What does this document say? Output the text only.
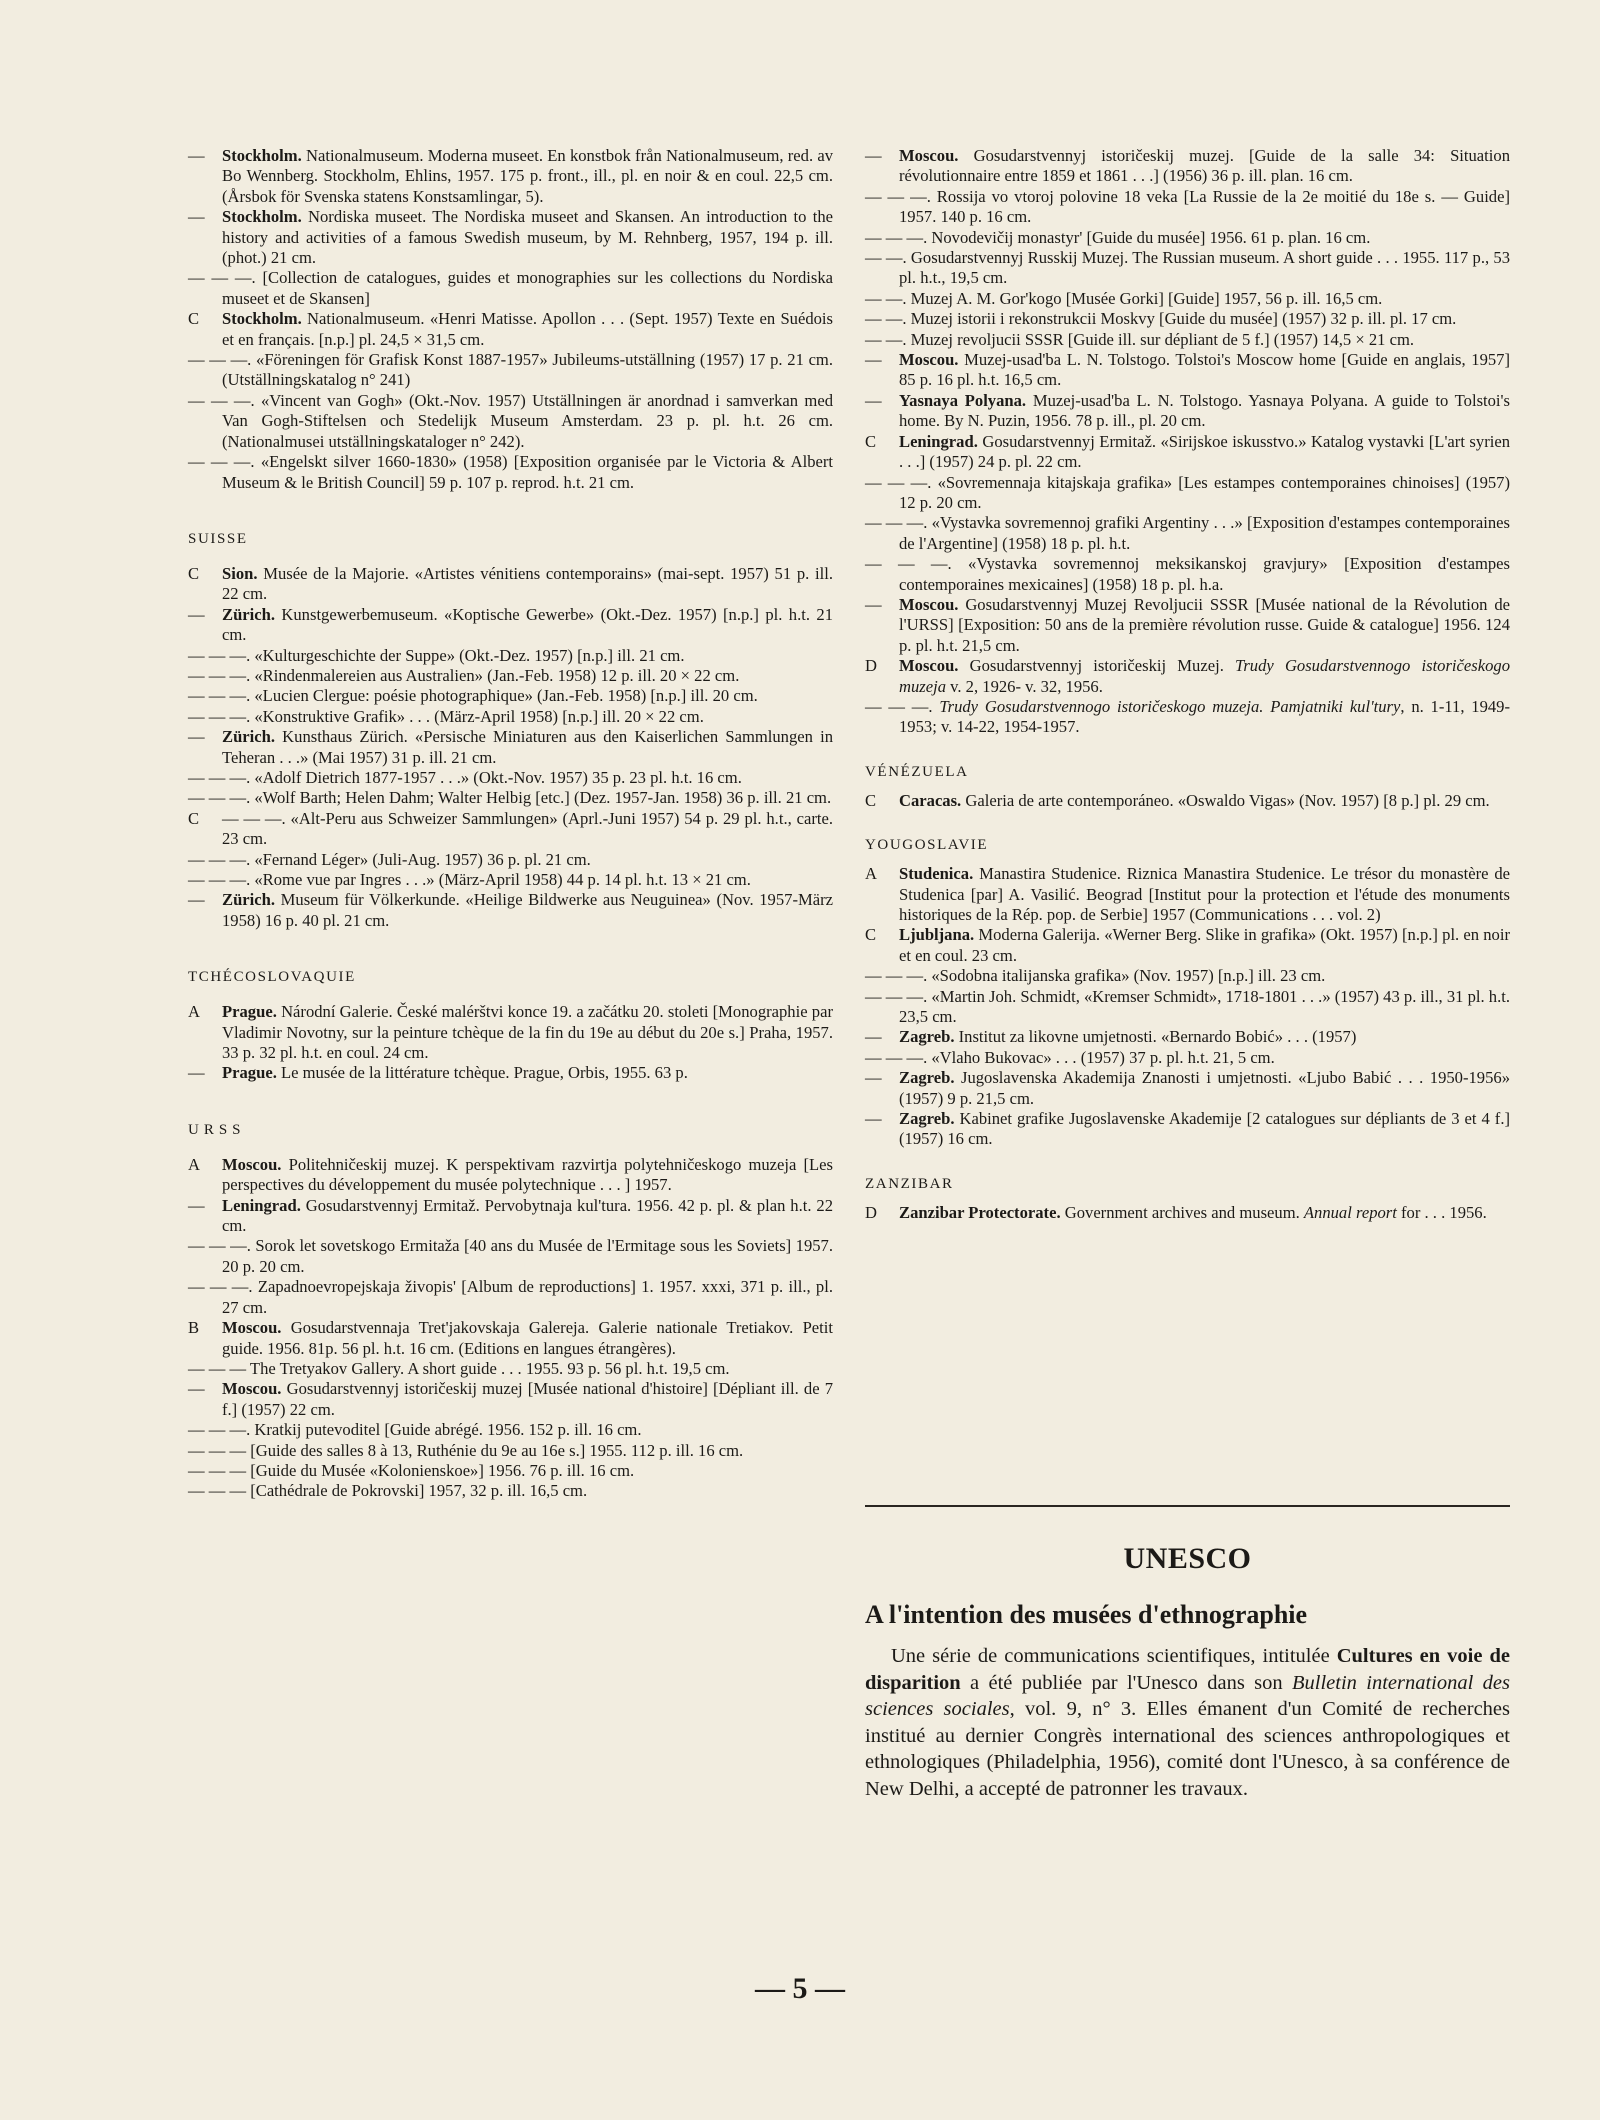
—	Stockholm. Nationalmuseum. Moderna museet. En konstbok från Nationalmuseum, red. av Bo Wennberg. Stockholm, Ehlins, 1957. 175 p. front., ill., pl. en noir & en coul. 22,5 cm. (Årsbok för Svenska statens Konstsamlingar, 5).
—	Stockholm. Nordiska museet. The Nordiska museet and Skansen. An introduction to the history and activities of a famous Swedish museum, by M. Rehnberg, 1957, 194 p. ill. (phot.) 21 cm.
— — —. [Collection de catalogues, guides et monographies sur les collections du Nordiska museet et de Skansen]
C	Stockholm. Nationalmuseum. «Henri Matisse. Apollon . . . (Sept. 1957) Texte en Suédois et en français. [n.p.] pl. 24,5 × 31,5 cm.
— — —. «Föreningen för Grafisk Konst 1887-1957» Jubileums-utställning (1957) 17 p. 21 cm. (Utställningskatalog n° 241)
— — —. «Vincent van Gogh» (Okt.-Nov. 1957) Utställningen är anordnad i samverkan med Van Gogh-Stiftelsen och Stedelijk Museum Amsterdam. 23 p. pl. h.t. 26 cm. (Nationalmusei utställningskataloger n° 242).
— — —. «Engelskt silver 1660-1830» (1958) [Exposition organisée par le Victoria & Albert Museum & le British Council] 59 p. 107 p. reprod. h.t. 21 cm.
SUISSE
C	Sion. Musée de la Majorie. «Artistes vénitiens contemporains» (mai-sept. 1957) 51 p. ill. 22 cm.
—	Zürich. Kunstgewerbemuseum. «Koptische Gewerbe» (Okt.-Dez. 1957) [n.p.] pl. h.t. 21 cm.
— — —. «Kulturgeschichte der Suppe» (Okt.-Dez. 1957) [n.p.] ill. 21 cm.
— — —. «Rindenmalereien aus Australien» (Jan.-Feb. 1958) 12 p. ill. 20 × 22 cm.
— — —. «Lucien Clergue: poésie photographique» (Jan.-Feb. 1958) [n.p.] ill. 20 cm.
— — —. «Konstruktive Grafik» . . . (März-April 1958) [n.p.] ill. 20 × 22 cm.
—	Zürich. Kunsthaus Zürich. «Persische Miniaturen aus den Kaiserlichen Sammlungen in Teheran . . .» (Mai 1957) 31 p. ill. 21 cm.
— — —. «Adolf Dietrich 1877-1957 . . .» (Okt.-Nov. 1957) 35 p. 23 pl. h.t. 16 cm.
— — —. «Wolf Barth; Helen Dahm; Walter Helbig [etc.] (Dez. 1957-Jan. 1958) 36 p. ill. 21 cm.
C	— — —. «Alt-Peru aus Schweizer Sammlungen» (Aprl.-Juni 1957) 54 p. 29 pl. h.t., carte. 23 cm.
— — —. «Fernand Léger» (Juli-Aug. 1957) 36 p. pl. 21 cm.
— — —. «Rome vue par Ingres . . .» (März-April 1958) 44 p. 14 pl. h.t. 13 × 21 cm.
—	Zürich. Museum für Völkerkunde. «Heilige Bildwerke aus Neuguinea» (Nov. 1957-März 1958) 16 p. 40 pl. 21 cm.
TCHÉCOSLOVAQUIE
A	Prague. Národní Galerie. České malérštvi konce 19. a začátku 20. stoleti [Monographie par Vladimir Novotny, sur la peinture tchèque de la fin du 19e au début du 20e s.] Praha, 1957. 33 p. 32 pl. h.t. en coul. 24 cm.
—	Prague. Le musée de la littérature tchèque. Prague, Orbis, 1955. 63 p.
URSS
A	Moscou. Politehničeskij muzej. K perspektivam razvirtja polytehničeskogo muzeja [Les perspectives du développement du musée polytechnique . . . ] 1957.
—	Leningrad. Gosudarstvennyj Ermitaž. Pervobytnaja kul'tura. 1956. 42 p. pl. & plan h.t. 22 cm.
— — —. Sorok let sovetskogo Ermitaža [40 ans du Musée de l'Ermitage sous les Soviets] 1957. 20 p. 20 cm.
— — —. Zapadnoevropejskaja živopis' [Album de reproductions] 1. 1957. xxxi, 371 p. ill., pl. 27 cm.
B	Moscou. Gosudarstvennaja Tret'jakovskaja Galereja. Galerie nationale Tretiakov. Petit guide. 1956. 81p. 56 pl. h.t. 16 cm. (Editions en langues étrangères).
— — — The Tretyakov Gallery. A short guide . . . 1955. 93 p. 56 pl. h.t. 19,5 cm.
—	Moscou. Gosudarstvennyj istoričeskij muzej [Musée national d'histoire] [Dépliant ill. de 7 f.] (1957) 22 cm.
— — —. Kratkij putevoditel [Guide abrégé. 1956. 152 p. ill. 16 cm.
— — — [Guide des salles 8 à 13, Ruthénie du 9e au 16e s.] 1955. 112 p. ill. 16 cm.
— — — [Guide du Musée «Kolonienskoe»] 1956. 76 p. ill. 16 cm.
— — — [Cathédrale de Pokrovski] 1957, 32 p. ill. 16,5 cm.
—	Moscou. Gosudarstvennyj istoričeskij muzej. [Guide de la salle 34: Situation révolutionnaire entre 1859 et 1861 . . .] (1956) 36 p. ill. plan. 16 cm.
— — —. Rossija vo vtoroj polovine 18 veka [La Russie de la 2e moitié du 18e s. — Guide] 1957. 140 p. 16 cm.
— — —. Novodevičij monastyr' [Guide du musée] 1956. 61 p. plan. 16 cm.
— —. Gosudarstvennyj Russkij Muzej. The Russian museum. A short guide . . . 1955. 117 p., 53 pl. h.t., 19,5 cm.
— —. Muzej A. M. Gor'kogo [Musée Gorki] [Guide] 1957, 56 p. ill. 16,5 cm.
— —. Muzej istorii i rekonstrukcii Moskvy [Guide du musée] (1957) 32 p. ill. pl. 17 cm.
— —. Muzej revoljucii SSSR [Guide ill. sur dépliant de 5 f.] (1957) 14,5 × 21 cm.
—	Moscou. Muzej-usad'ba L. N. Tolstogo. Tolstoi's Moscow home [Guide en anglais, 1957] 85 p. 16 pl. h.t. 16,5 cm.
—	Yasnaya Polyana. Muzej-usad'ba L. N. Tolstogo. Yasnaya Polyana. A guide to Tolstoi's home. By N. Puzin, 1956. 78 p. ill., pl. 20 cm.
C	Leningrad. Gosudarstvennyj Ermitaž. «Sirijskoe iskusstvo.» Katalog vystavki [L'art syrien . . .] (1957) 24 p. pl. 22 cm.
— — —. «Sovremennaja kitajskaja grafika» [Les estampes contemporaines chinoises] (1957) 12 p. 20 cm.
— — —. «Vystavka sovremennoj grafiki Argentiny . . .» [Exposition d'estampes contemporaines de l'Argentine] (1958) 18 p. pl. h.t.
— — —. «Vystavka sovremennoj meksikanskoj gravjury» [Exposition d'estampes contemporaines mexicaines] (1958) 18 p. pl. h.a.
—	Moscou. Gosudarstvennyj Muzej Revoljucii SSSR [Musée national de la Révolution de l'URSS] [Exposition: 50 ans de la première révolution russe. Guide & catalogue] 1956. 124 p. pl. h.t. 21,5 cm.
D	Moscou. Gosudarstvennyj istoričeskij Muzej. Trudy Gosudarstvennogo istoričeskogo muzeja v. 2, 1926- v. 32, 1956.
— — —. Trudy Gosudarstvennogo istoričeskogo muzeja. Pamjatniki kul'tury, n. 1-11, 1949-1953; v. 14-22, 1954-1957.
VÉNÉZUELA
C	Caracas. Galeria de arte contemporáneo. «Oswaldo Vigas» (Nov. 1957) [8 p.] pl. 29 cm.
YOUGOSLAVIE
A	Studenica. Manastira Studenice. Riznica Manastira Studenice. Le trésor du monastère de Studenica [par] A. Vasilić. Beograd [Institut pour la protection et l'étude des monuments historiques de la Rép. pop. de Serbie] 1957 (Communications . . . vol. 2)
C	Ljubljana. Moderna Galerija. «Werner Berg. Slike in grafika» (Okt. 1957) [n.p.] pl. en noir et en coul. 23 cm.
— — —. «Sodobna italijanska grafika» (Nov. 1957) [n.p.] ill. 23 cm.
— — —. «Martin Joh. Schmidt, «Kremser Schmidt», 1718-1801 . . .» (1957) 43 p. ill., 31 pl. h.t. 23,5 cm.
—	Zagreb. Institut za likovne umjetnosti. «Bernardo Bobić» . . . (1957)
— — —. «Vlaho Bukovac» . . . (1957) 37 p. pl. h.t. 21, 5 cm.
—	Zagreb. Jugoslavenska Akademija Znanosti i umjetnosti. «Ljubo Babić . . . 1950-1956» (1957) 9 p. 21,5 cm.
—	Zagreb. Kabinet grafike Jugoslavenske Akademije [2 catalogues sur dépliants de 3 et 4 f.] (1957) 16 cm.
ZANZIBAR
D	Zanzibar Protectorate. Government archives and museum. Annual report for . . . 1956.
UNESCO
A l'intention des musées d'ethnographie
Une série de communications scientifiques, intitulée Cultures en voie de disparition a été publiée par l'Unesco dans son Bulletin international des sciences sociales, vol. 9, n° 3. Elles émanent d'un Comité de recherches institué au dernier Congrès international des sciences anthropologiques et ethnologiques (Philadelphia, 1956), comité dont l'Unesco, à sa conférence de New Delhi, a accepté de patronner les travaux.
— 5 —
